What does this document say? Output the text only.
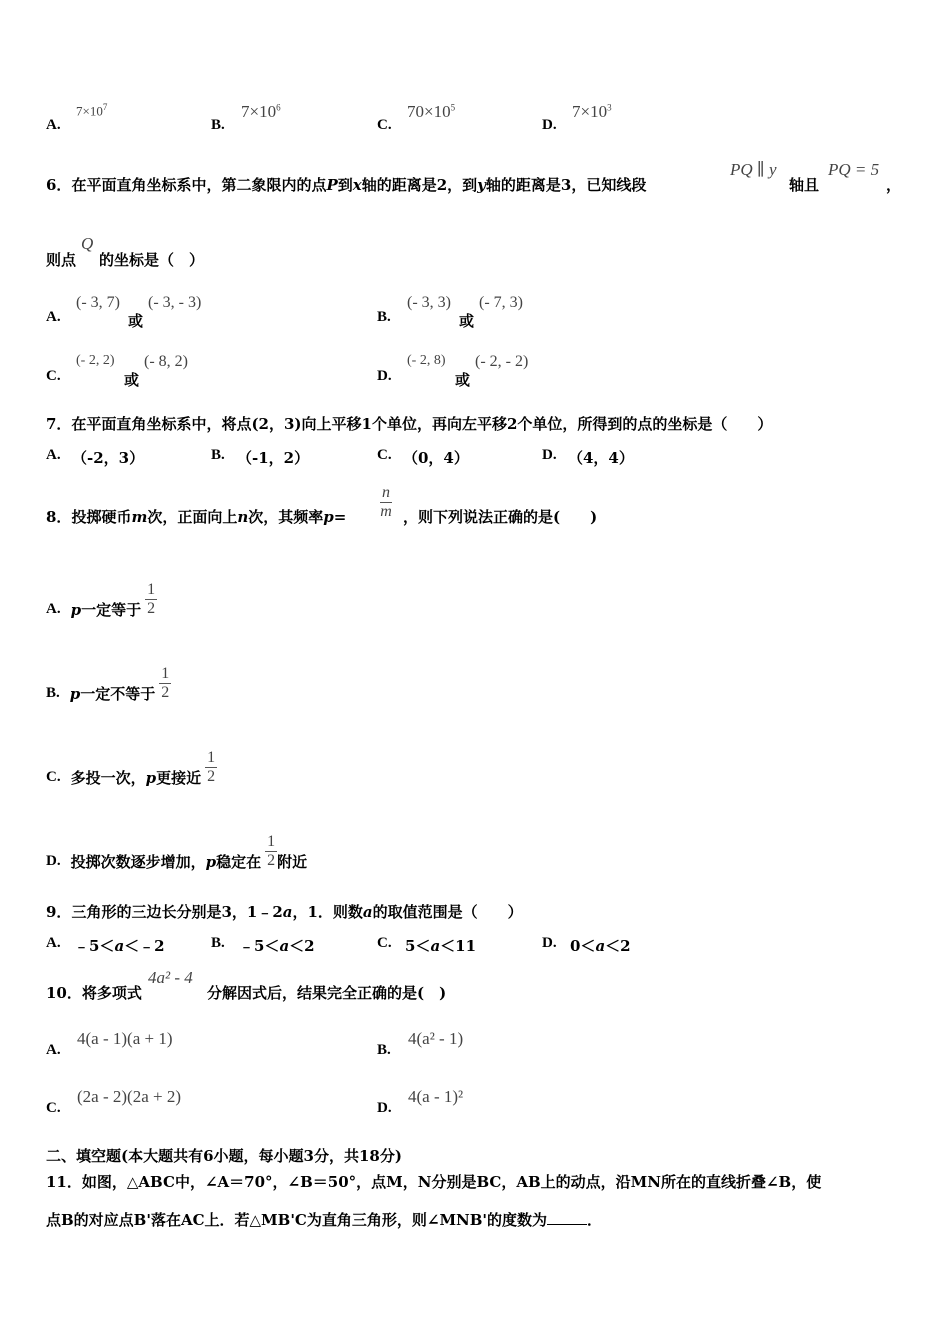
A.
$7\times 10^7$
B.
$7\times 10^6$
C.
$70\times 10^5$
D.
$7\times 10^3$
6．在平面直角坐标系中，第二象限内的点P到x轴的距离是2，到y轴的距离是3，已知线段
PQ ∥ y
轴且
PQ = 5
，
则点
Q
的坐标是（　）
A.
(- 3, 7)
或
(- 3, - 3)
B.
(- 3, 3)
或
(- 7, 3)
C.
(- 2, 2)
或
(- 8, 2)
D.
(- 2, 8)
或
(- 2, - 2)
7．在平面直角坐标系中，将点(2，3)向上平移1个单位，再向左平移2个单位，所得到的点的坐标是（　　）
A. （-2，3）	B. （-1，2）	C. （0，4）	D. （4，4）
8．投掷硬币m次，正面向上n次，其频率$p= \frac{n}{m}$ ，则下列说法正确的是(　　)
A. p 一定等于 $\frac{1}{2}$
B. p 一定不等于 $\frac{1}{2}$
C. 多投一次， p 更接近 $\frac{1}{2}$
D. 投掷次数逐步增加， p 稳定在 $\frac{1}{2}$ 附近
9．三角形的三边长分别是3，1﹣2a，1．则数a的取值范围是（　　）
A. ﹣5＜a＜﹣2	B. ﹣5＜a＜2	C. 5＜a＜11	D. 0＜a＜2
10．将多项式
4a² - 4
分解因式后，结果完全正确的是(　)
A.
4(a - 1)(a + 1)
B.
4(a² - 1)
C.
(2a - 2)(2a + 2)
D.
4(a - 1)²
二、填空题(本大题共有6小题，每小题3分，共18分)
11．如图，△ABC中，∠A＝70°，∠B＝50°，点M，N分别是BC，AB上的动点，沿MN所在的直线折叠∠B，使
点B的对应点B'落在AC上．若△MB'C为直角三角形，则∠MNB'的度数为	．
